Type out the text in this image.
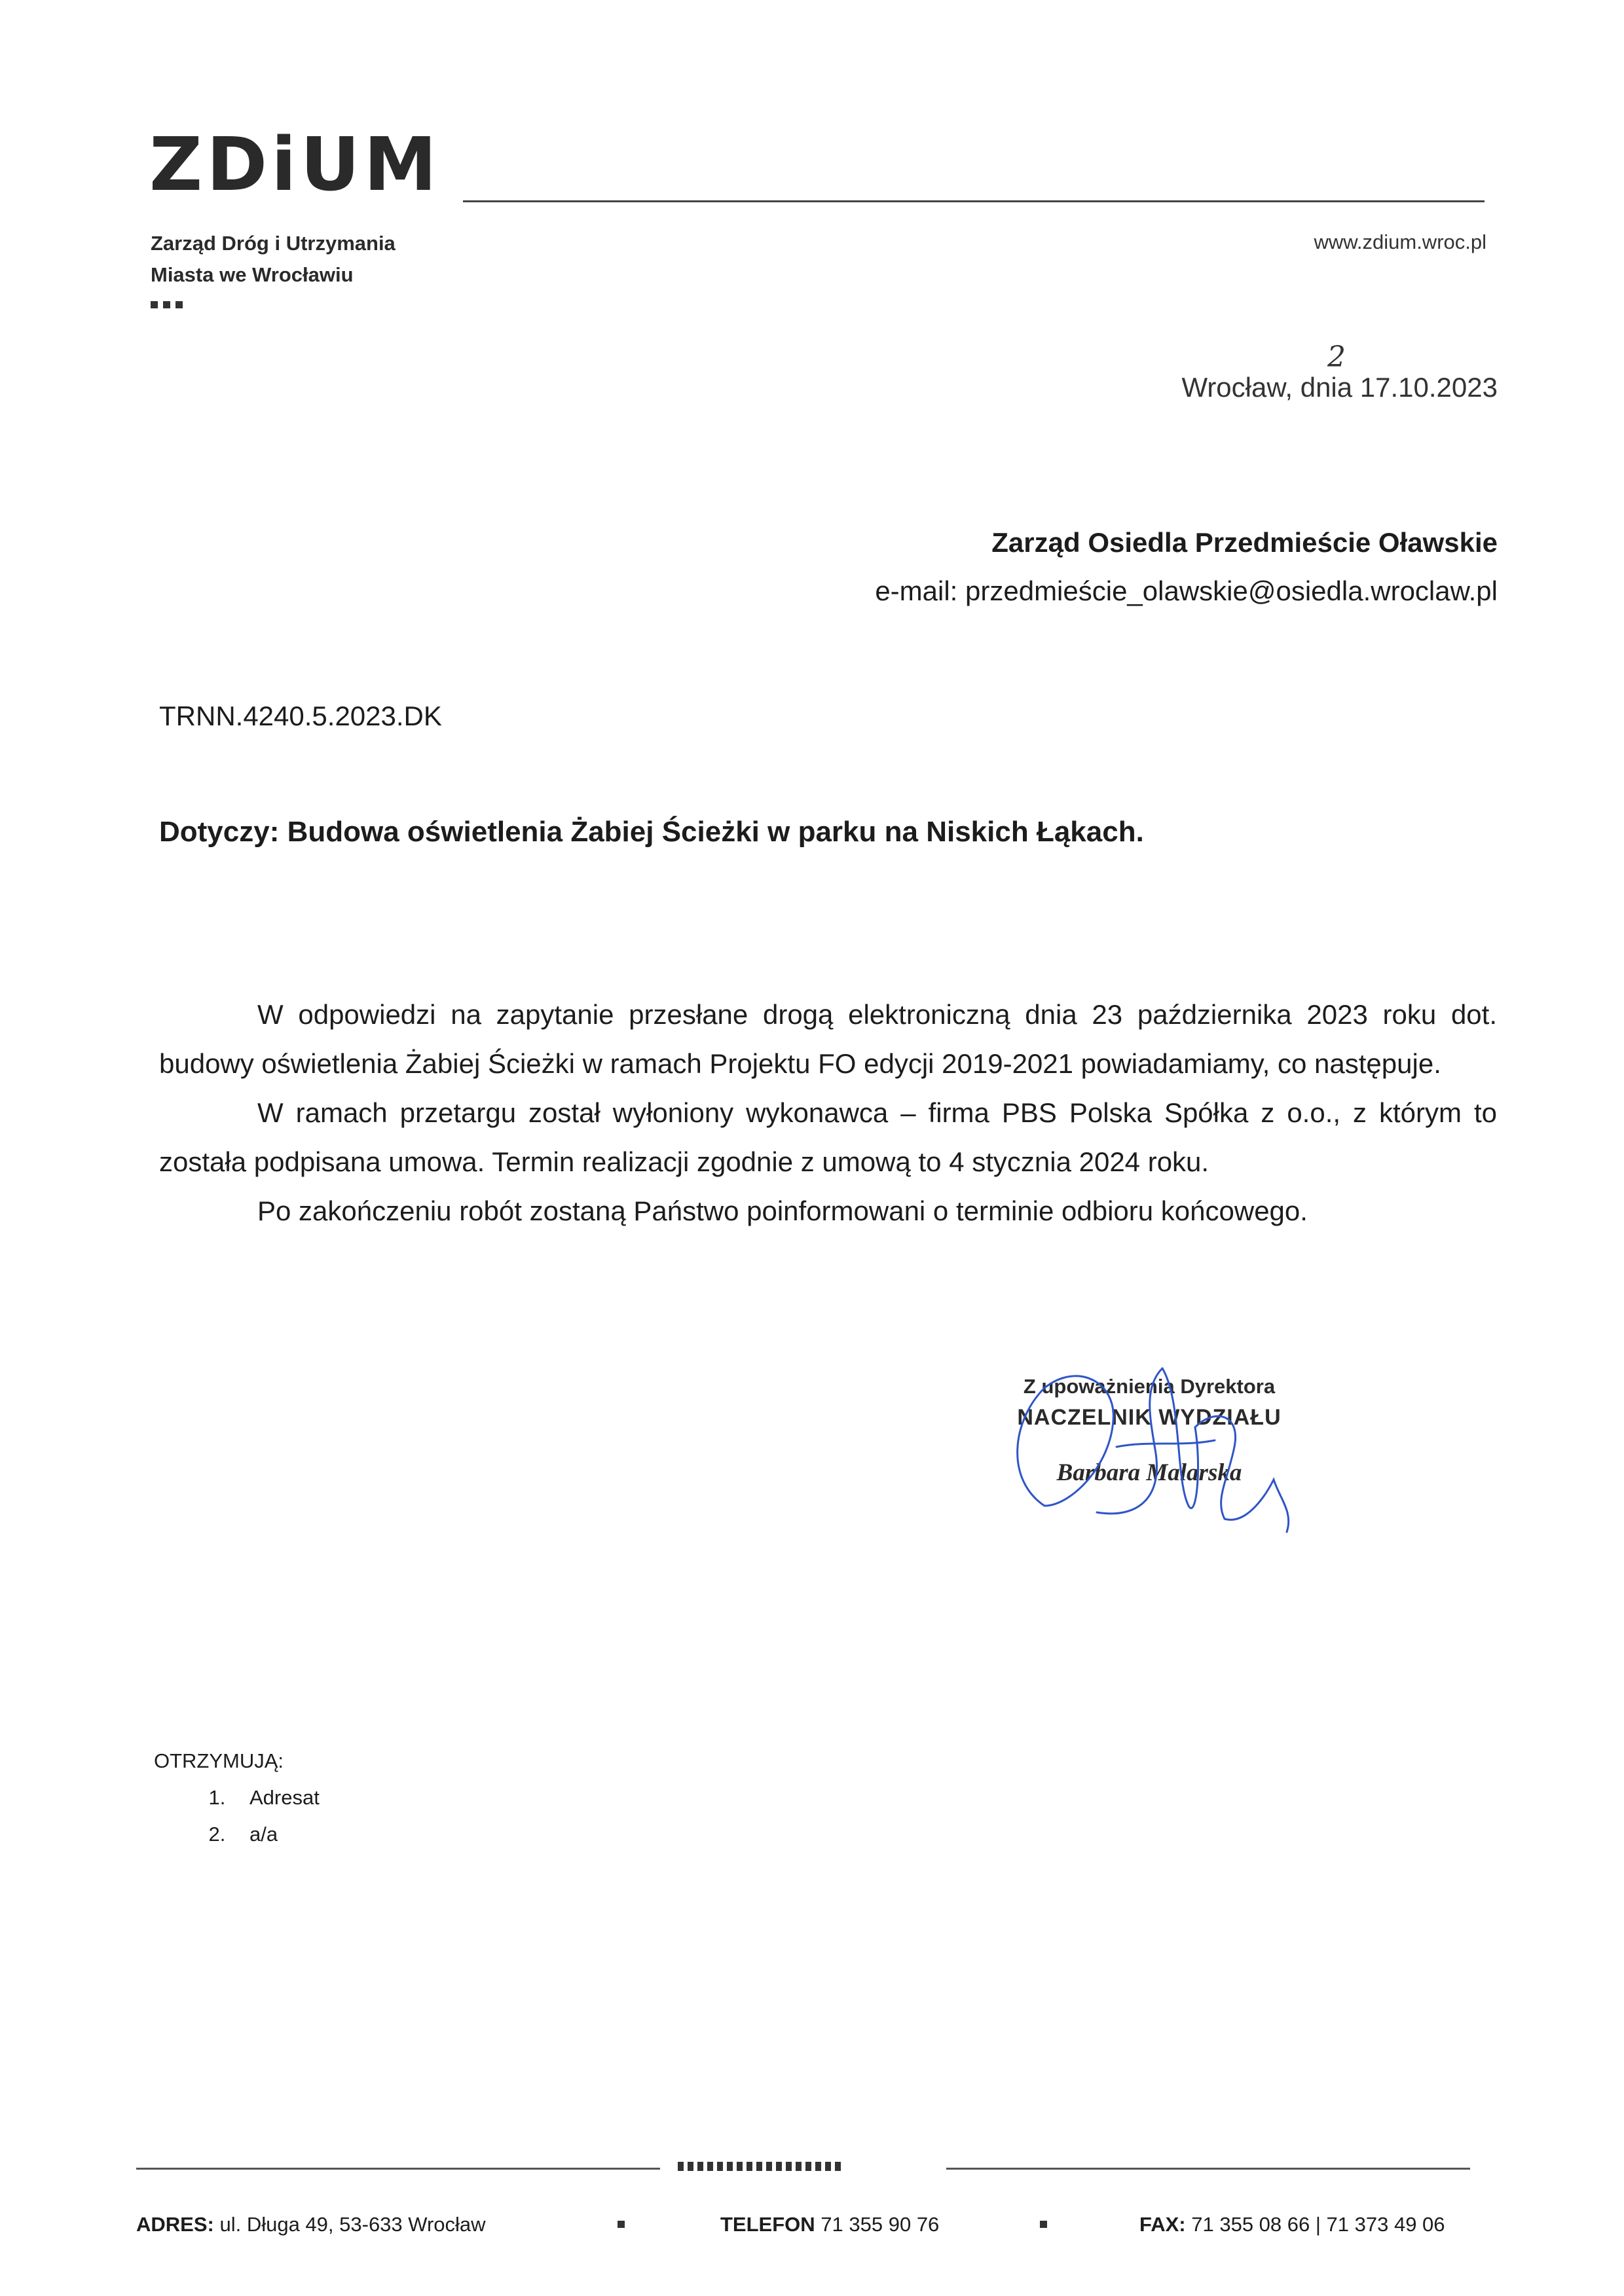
ZDiUM
Zarząd Dróg i Utrzymania
Miasta we Wrocławiu
www.zdium.wroc.pl
2
Wrocław, dnia 17.10.2023
Zarząd Osiedla Przedmieście Oławskie
e-mail: przedmieście_olawskie@osiedla.wroclaw.pl
TRNN.4240.5.2023.DK
Dotyczy: Budowa oświetlenia Żabiej Ścieżki w parku na Niskich Łąkach.

W odpowiedzi na zapytanie przesłane drogą elektroniczną dnia 23 października 2023 roku dot. budowy oświetlenia Żabiej Ścieżki w ramach Projektu FO edycji 2019-2021 powiadamiamy, co następuje.

W ramach przetargu został wyłoniony wykonawca – firma PBS Polska Spółka z o.o., z którym to została podpisana umowa. Termin realizacji zgodnie z umową to 4 stycznia 2024 roku.

Po zakończeniu robót zostaną Państwo poinformowani o terminie odbioru końcowego.

Z upoważnienia Dyrektora
NACZELNIK WYDZIAŁU
Barbara Malarska
OTRZYMUJĄ:
1. Adresat
2. a/a
ADRES: ul. Długa 49, 53-633 Wrocław	TELEFON 71 355 90 76	FAX: 71 355 08 66 | 71 373 49 06
